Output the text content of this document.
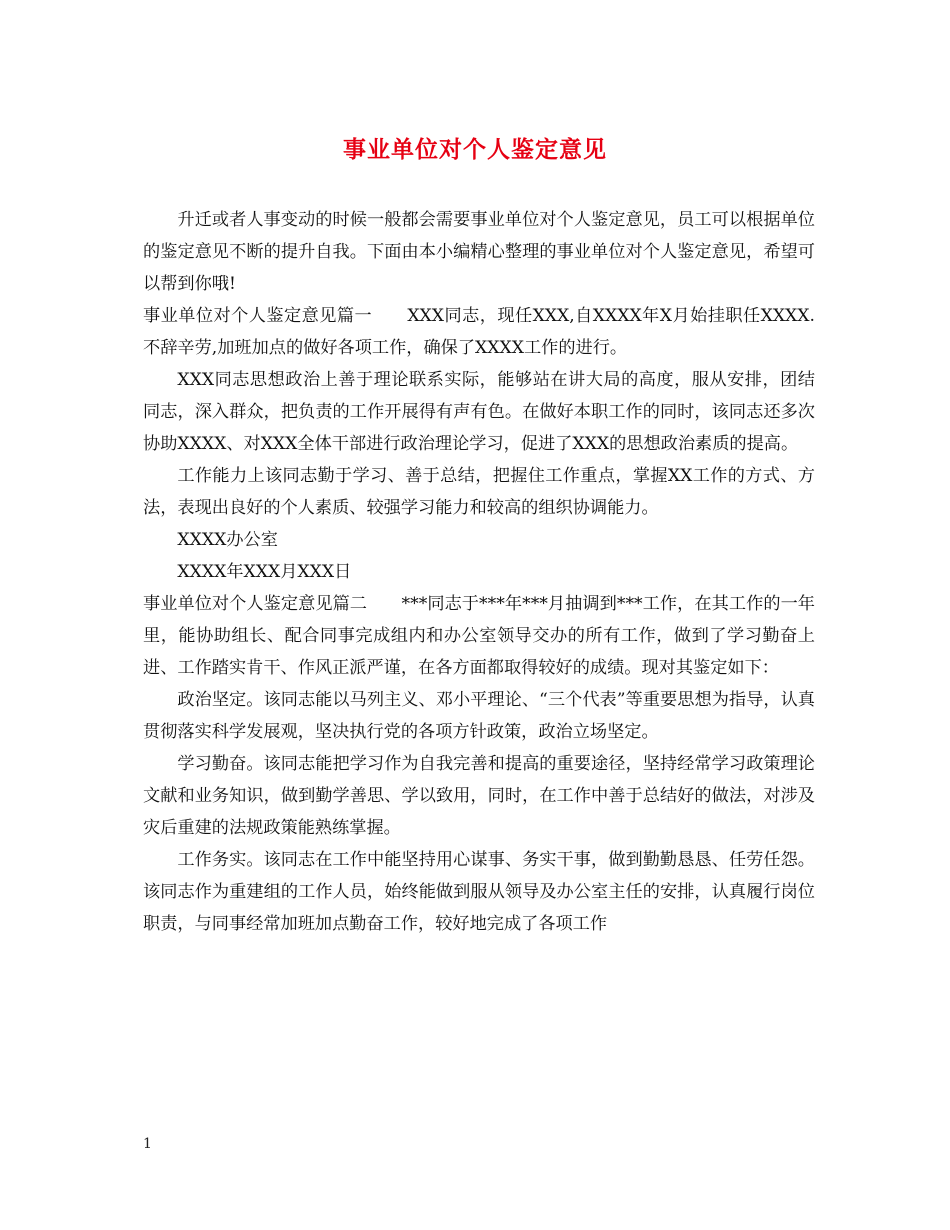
事业单位对个人鉴定意见

升迁或者人事变动的时候一般都会需要事业单位对个人鉴定意见，员工可以根据单位的鉴定意见不断的提升自我。下面由本小编精心整理的事业单位对个人鉴定意见，希望可以帮到你哦!

事业单位对个人鉴定意见篇一　　XXX同志，现任XXX,自XXXX年X月始挂职任XXXX.不辞辛劳,加班加点的做好各项工作，确保了XXXX工作的进行。

XXX同志思想政治上善于理论联系实际，能够站在讲大局的高度，服从安排，团结同志，深入群众，把负责的工作开展得有声有色。在做好本职工作的同时，该同志还多次协助XXXX、对XXX全体干部进行政治理论学习，促进了XXX的思想政治素质的提高。

工作能力上该同志勤于学习、善于总结，把握住工作重点，掌握XX工作的方式、方法，表现出良好的个人素质、较强学习能力和较高的组织协调能力。

XXXX办公室

XXXX年XXX月XXX日

事业单位对个人鉴定意见篇二　　***同志于***年***月抽调到***工作，在其工作的一年里，能协助组长、配合同事完成组内和办公室领导交办的所有工作，做到了学习勤奋上进、工作踏实肯干、作风正派严谨，在各方面都取得较好的成绩。现对其鉴定如下：

政治坚定。该同志能以马列主义、邓小平理论、“三个代表”等重要思想为指导，认真贯彻落实科学发展观，坚决执行党的各项方针政策，政治立场坚定。

学习勤奋。该同志能把学习作为自我完善和提高的重要途径，坚持经常学习政策理论文献和业务知识，做到勤学善思、学以致用，同时，在工作中善于总结好的做法，对涉及灾后重建的法规政策能熟练掌握。

工作务实。该同志在工作中能坚持用心谋事、务实干事，做到勤勤恳恳、任劳任怨。该同志作为重建组的工作人员，始终能做到服从领导及办公室主任的安排，认真履行岗位职责，与同事经常加班加点勤奋工作，较好地完成了各项工作

1
